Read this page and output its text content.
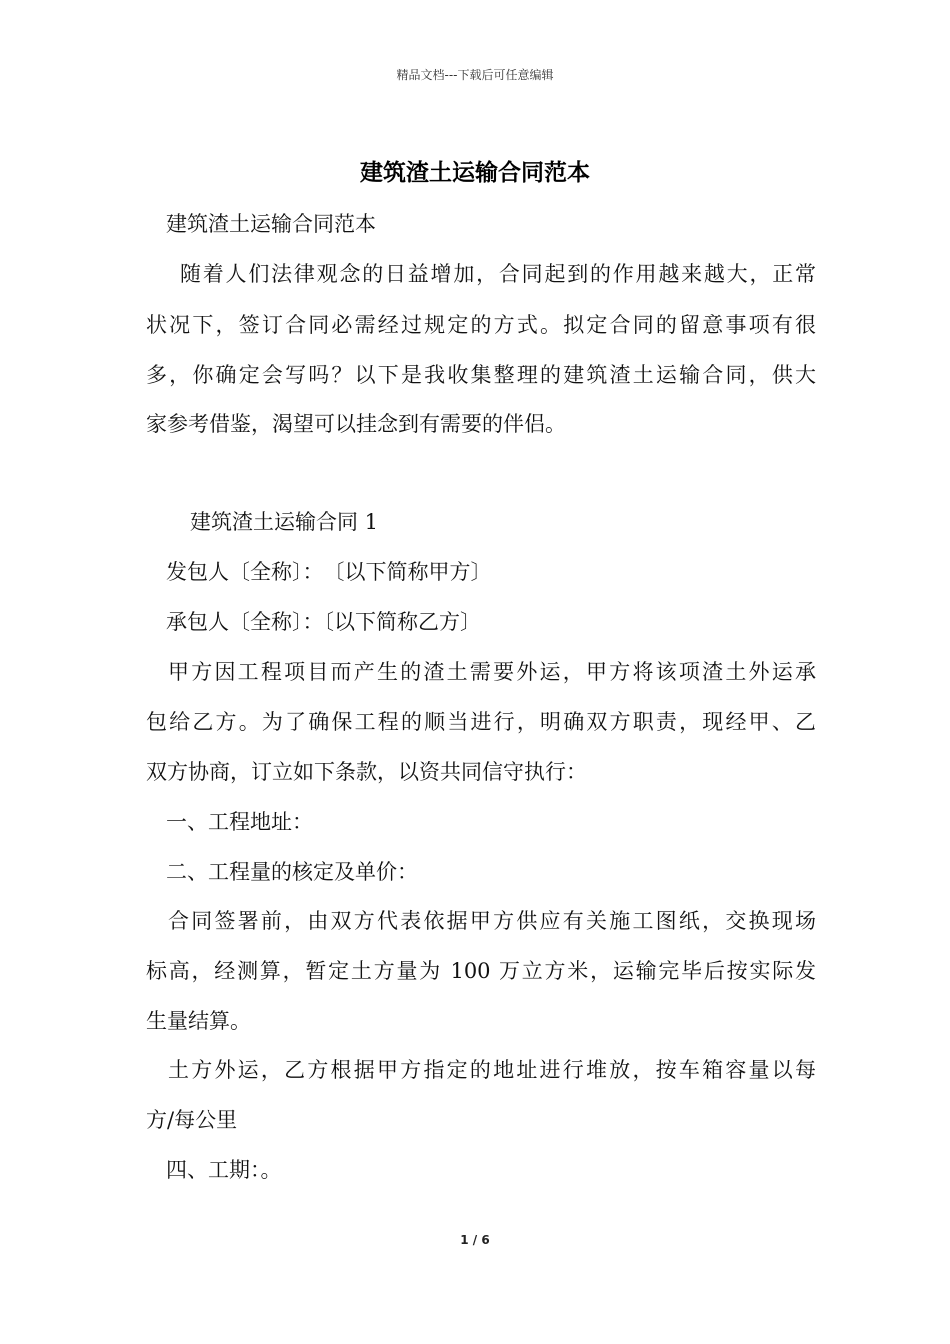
精品文档---下载后可任意编辑
建筑渣土运输合同范本
建筑渣土运输合同范本
随着人们法律观念的日益增加，合同起到的作用越来越大，正常
状况下，签订合同必需经过规定的方式。拟定合同的留意事项有很
多，你确定会写吗？以下是我收集整理的建筑渣土运输合同，供大
家参考借鉴，渴望可以挂念到有需要的伴侣。
建筑渣土运输合同 1
发包人〔全称〕：　〔以下简称甲方〕
承包人〔全称〕：〔以下简称乙方〕
甲方因工程项目而产生的渣土需要外运，甲方将该项渣土外运承
包给乙方。为了确保工程的顺当进行，明确双方职责，现经甲、乙
双方协商，订立如下条款，以资共同信守执行：
一、工程地址：
二、工程量的核定及单价：
合同签署前，由双方代表依据甲方供应有关施工图纸，交换现场
标高，经测算，暂定土方量为 100 万立方米，运输完毕后按实际发
生量结算。
土方外运，乙方根据甲方指定的地址进行堆放，按车箱容量以每
方/每公里
四、工期：。
1 / 6
